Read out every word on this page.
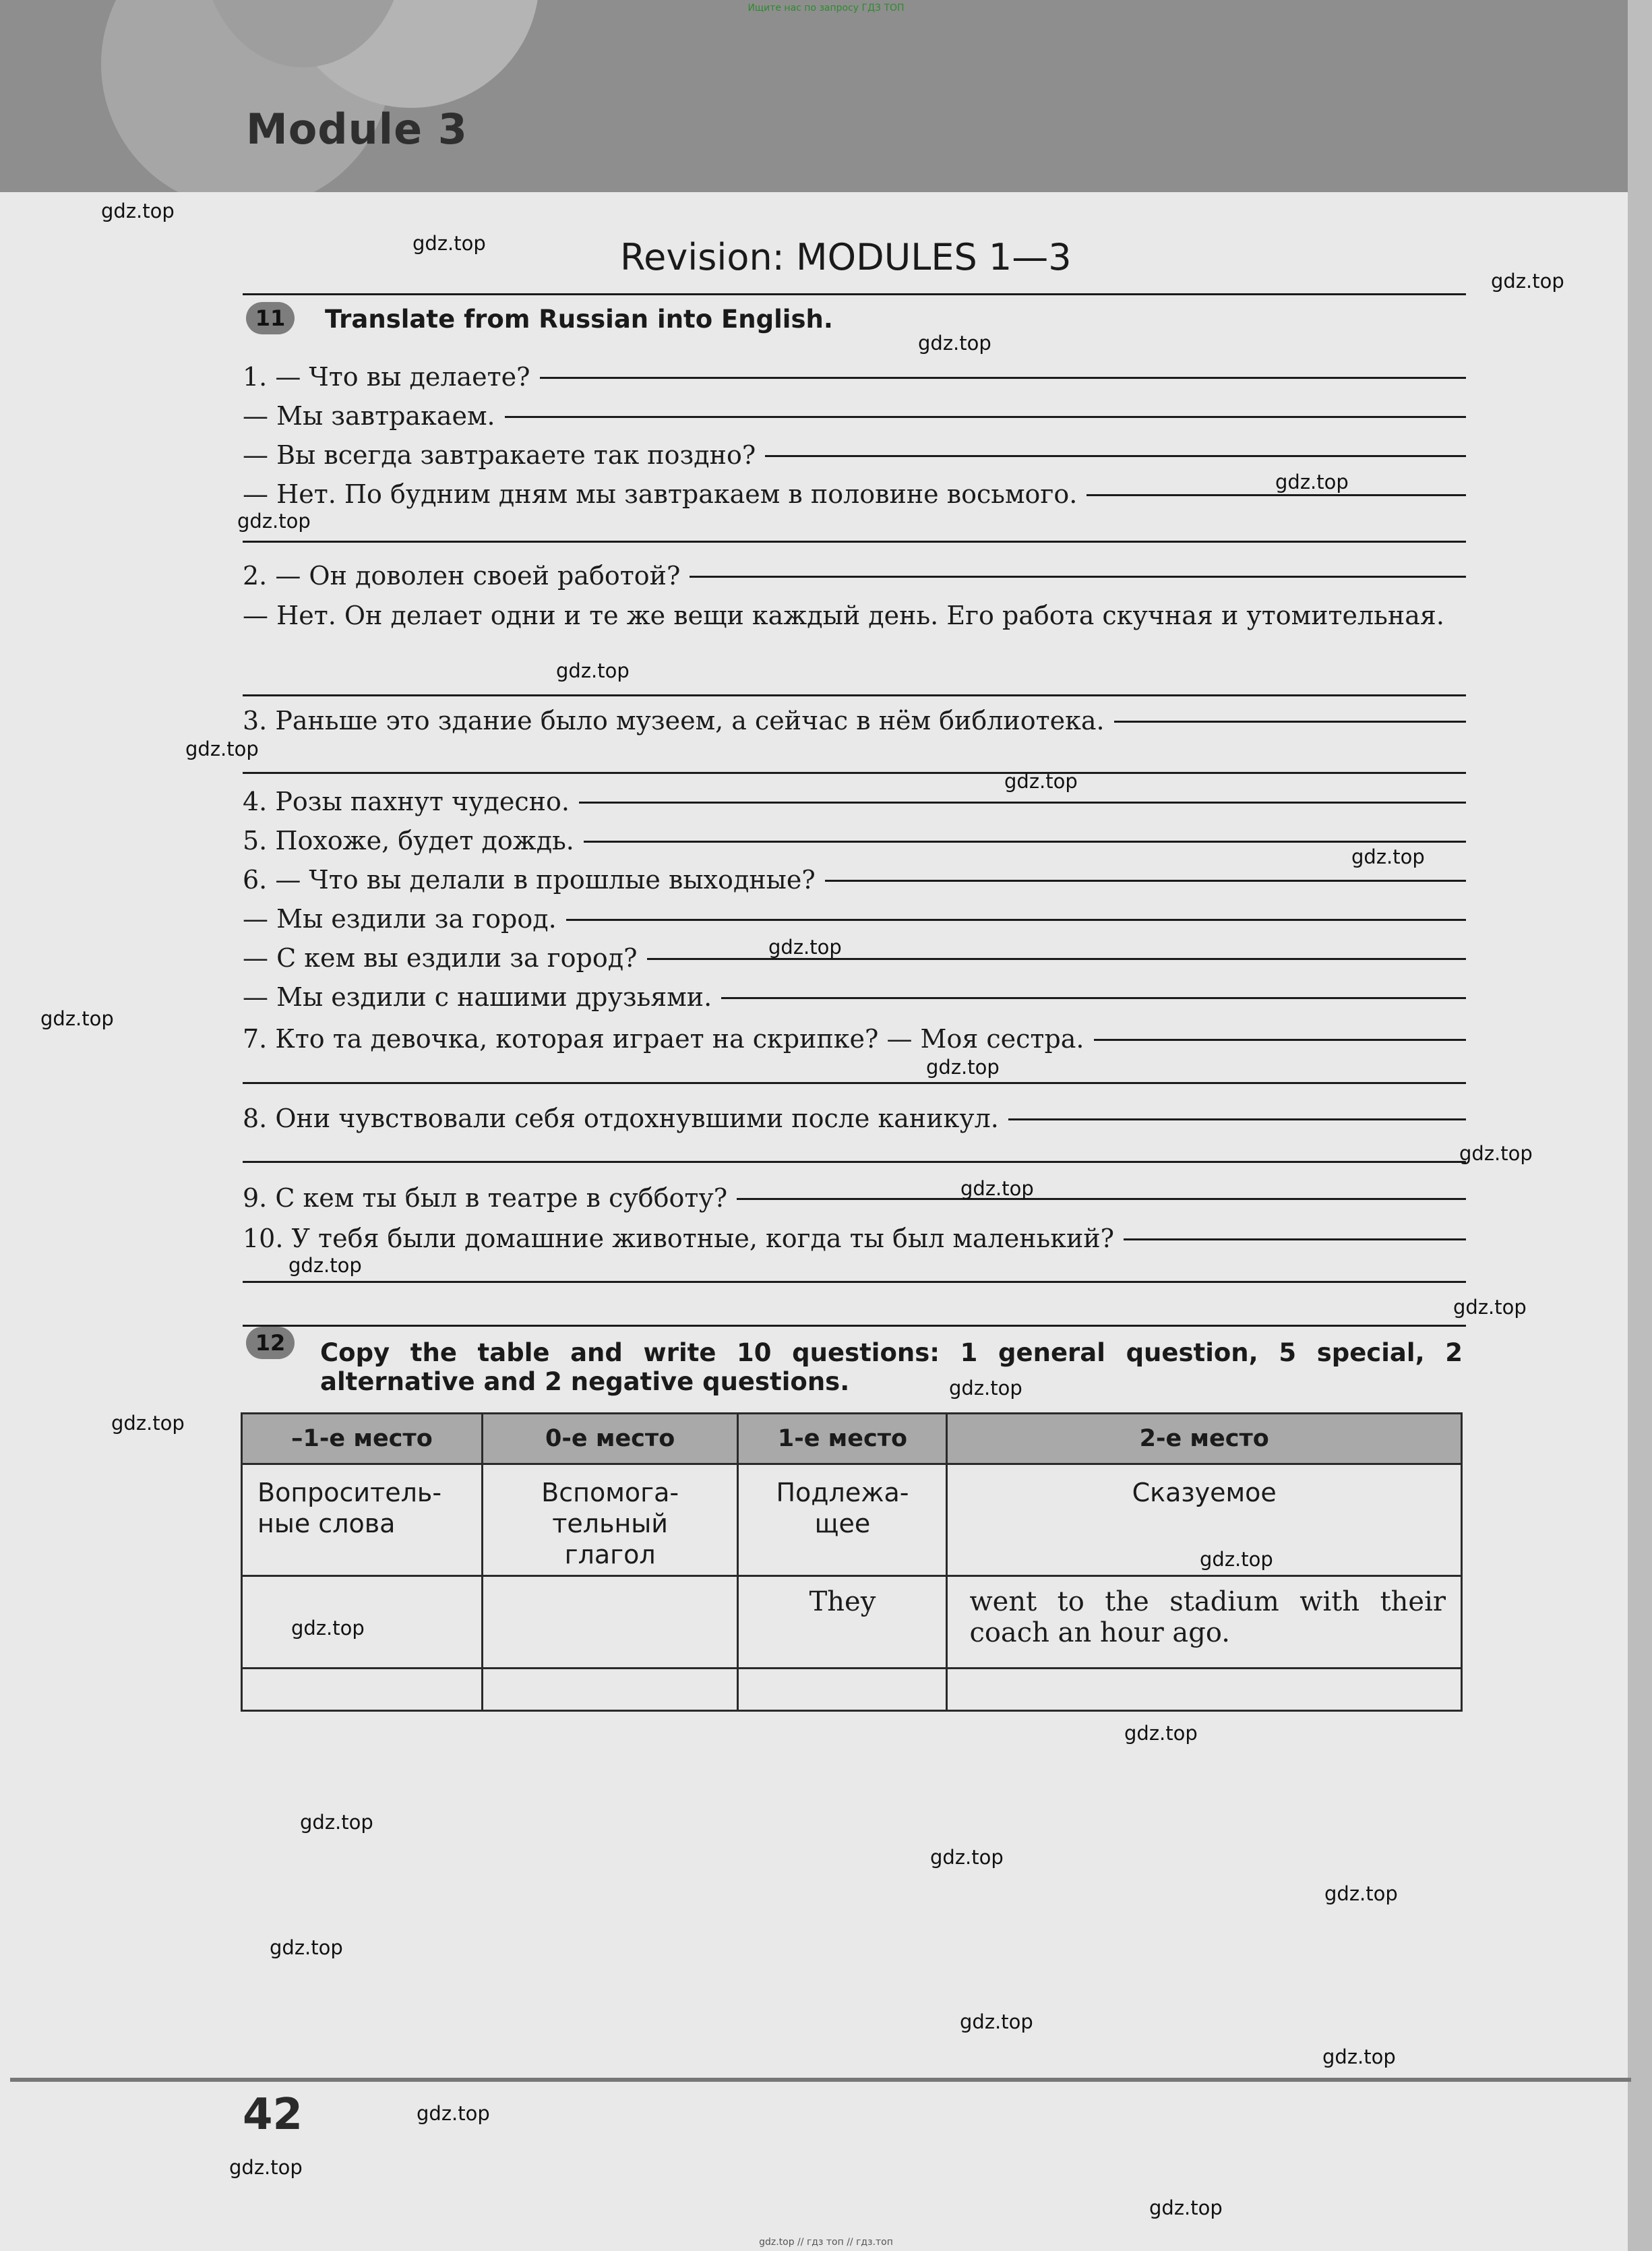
Ищите нас по запросу ГДЗ ТОП
Module 3
Revision: MODULES 1—3
11	Translate from Russian into English.
1. — Что вы делаете?
— Мы завтракаем.
— Вы всегда завтракаете так поздно?
— Нет. По будним дням мы завтракаем в половине восьмого.
2. — Он доволен своей работой?
— Нет. Он делает одни и те же вещи каждый день. Его работа скучная и утомительная.
3. Раньше это здание было музеем, а сейчас в нём библиотека.
4. Розы пахнут чудесно.
5. Похоже, будет дождь.
6. — Что вы делали в прошлые выходные?
— Мы ездили за город.
— С кем вы ездили за город?
— Мы ездили с нашими друзьями.
7. Кто та девочка, которая играет на скрипке? — Моя сестра.
8. Они чувствовали себя отдохнувшими после каникул.
9. С кем ты был в театре в субботу?
10. У тебя были домашние животные, когда ты был маленький?
12	Copy the table and write 10 questions: 1 general question, 5 special, 2 alternative and 2 negative questions.
–1-е место	0-е место	1-е место	2-е место
Вопроситель-ные слова	Вспомога-тельный глагол	Подлежа-щее	Сказуемое
		They	went to the stadium with their coach an hour ago.

42
gdz.top // гдз топ // гдз.топ
gdz.top
gdz.top
gdz.top
gdz.top
gdz.top
gdz.top
gdz.top
gdz.top
gdz.top
gdz.top
gdz.top
gdz.top
gdz.top
gdz.top
gdz.top
gdz.top
gdz.top
gdz.top
gdz.top
gdz.top
gdz.top
gdz.top
gdz.top
gdz.top
gdz.top
gdz.top
gdz.top
gdz.top
gdz.top
gdz.top
gdz.top
